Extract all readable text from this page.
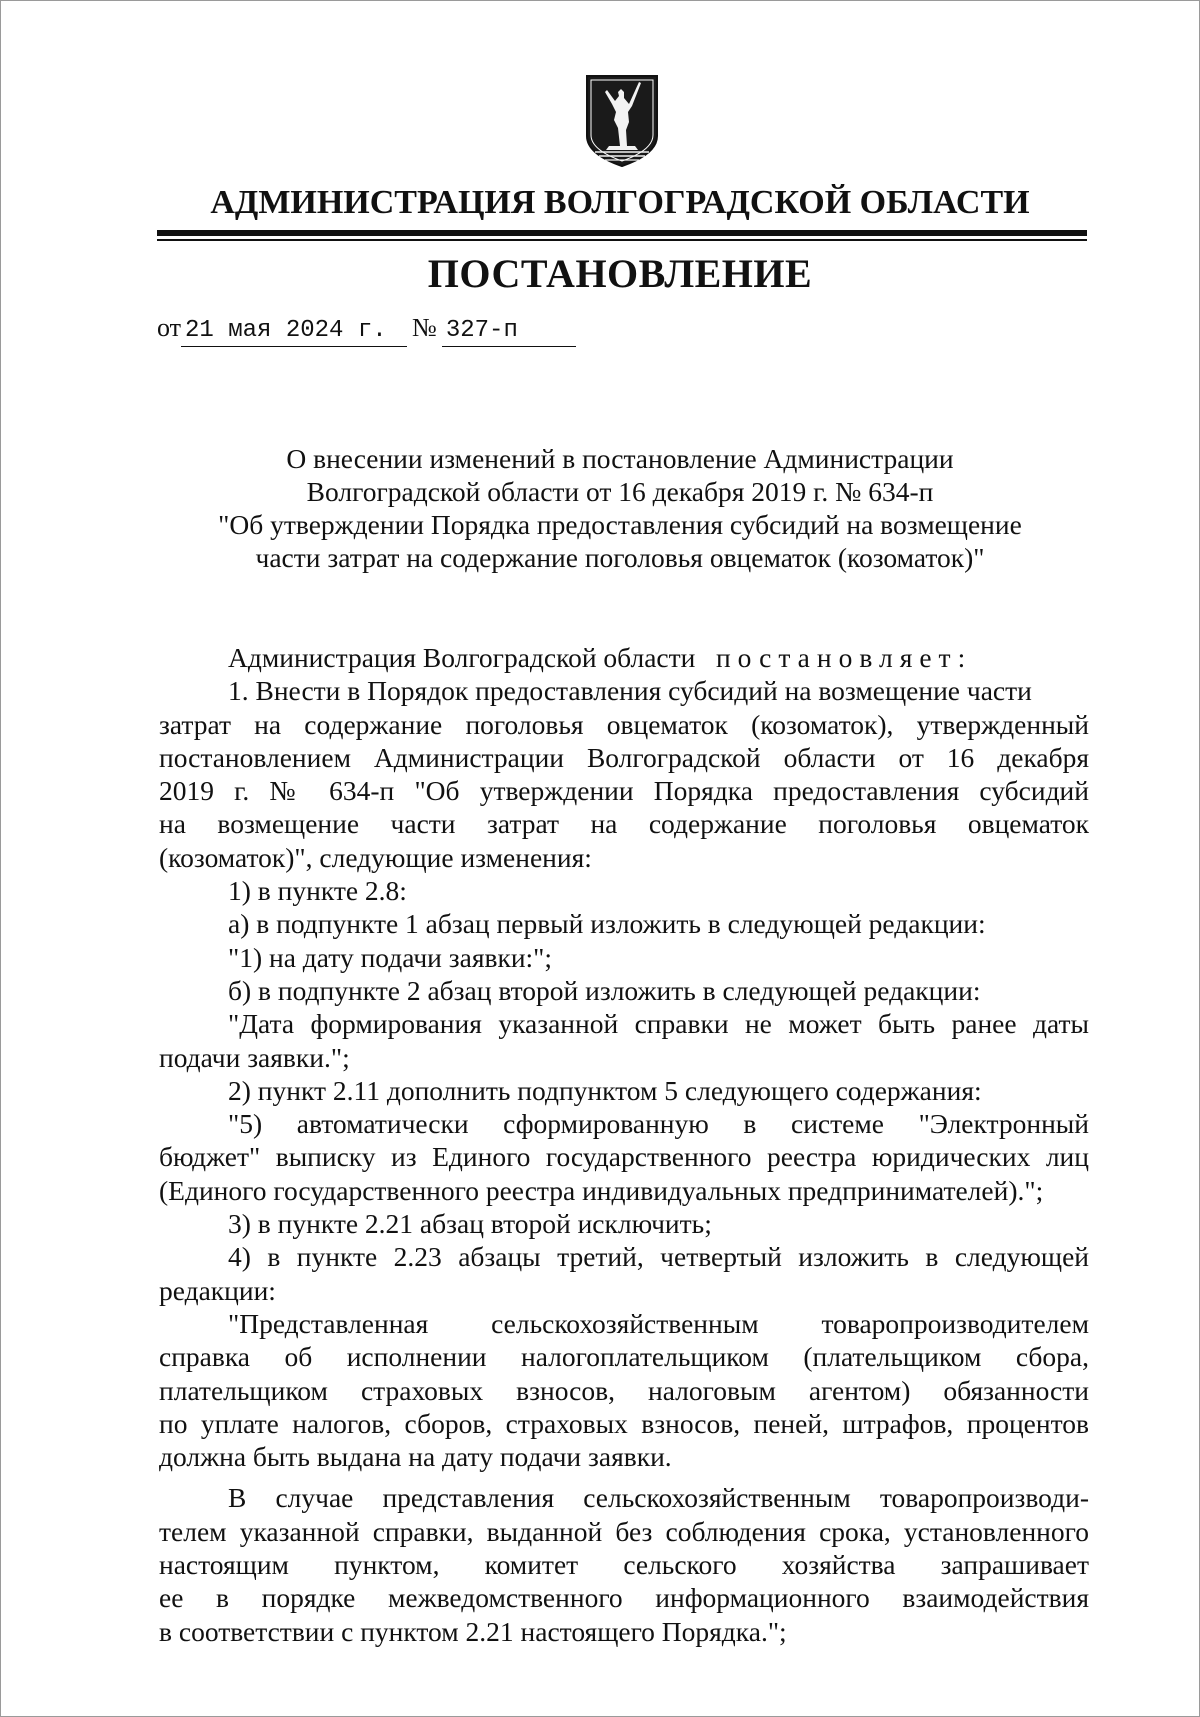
АДМИНИСТРАЦИЯ ВОЛГОГРАДСКОЙ ОБЛАСТИ
ПОСТАНОВЛЕНИЕ
от 21 мая 2024 г. № 327-п
О внесении изменений в постановление Администрации
Волгоградской области от 16 декабря 2019 г. № 634-п
"Об утверждении Порядка предоставления субсидий на возмещение
части затрат на содержание поголовья овцематок (козоматок)"
Администрация Волгоградской области постановляет:
1. Внести в Порядок предоставления субсидий на возмещение части
затрат на содержание поголовья овцематок (козоматок), утвержденный
постановлением Администрации Волгоградской области от 16 декабря
2019 г. № 634-п "Об утверждении Порядка предоставления субсидий
на возмещение части затрат на содержание поголовья овцематок
(козоматок)", следующие изменения:
1) в пункте 2.8:
а) в подпункте 1 абзац первый изложить в следующей редакции:
"1) на дату подачи заявки:";
б) в подпункте 2 абзац второй изложить в следующей редакции:
"Дата формирования указанной справки не может быть ранее даты
подачи заявки.";
2) пункт 2.11 дополнить подпунктом 5 следующего содержания:
"5) автоматически сформированную в системе "Электронный
бюджет" выписку из Единого государственного реестра юридических лиц
(Единого государственного реестра индивидуальных предпринимателей).";
3) в пункте 2.21 абзац второй исключить;
4) в пункте 2.23 абзацы третий, четвертый изложить в следующей
редакции:
"Представленная сельскохозяйственным товаропроизводителем
справка об исполнении налогоплательщиком (плательщиком сбора,
плательщиком страховых взносов, налоговым агентом) обязанности
по уплате налогов, сборов, страховых взносов, пеней, штрафов, процентов
должна быть выдана на дату подачи заявки.
В случае представления сельскохозяйственным товаропроизводи-
телем указанной справки, выданной без соблюдения срока, установленного
настоящим пунктом, комитет сельского хозяйства запрашивает
ее в порядке межведомственного информационного взаимодействия
в соответствии с пунктом 2.21 настоящего Порядка.";
